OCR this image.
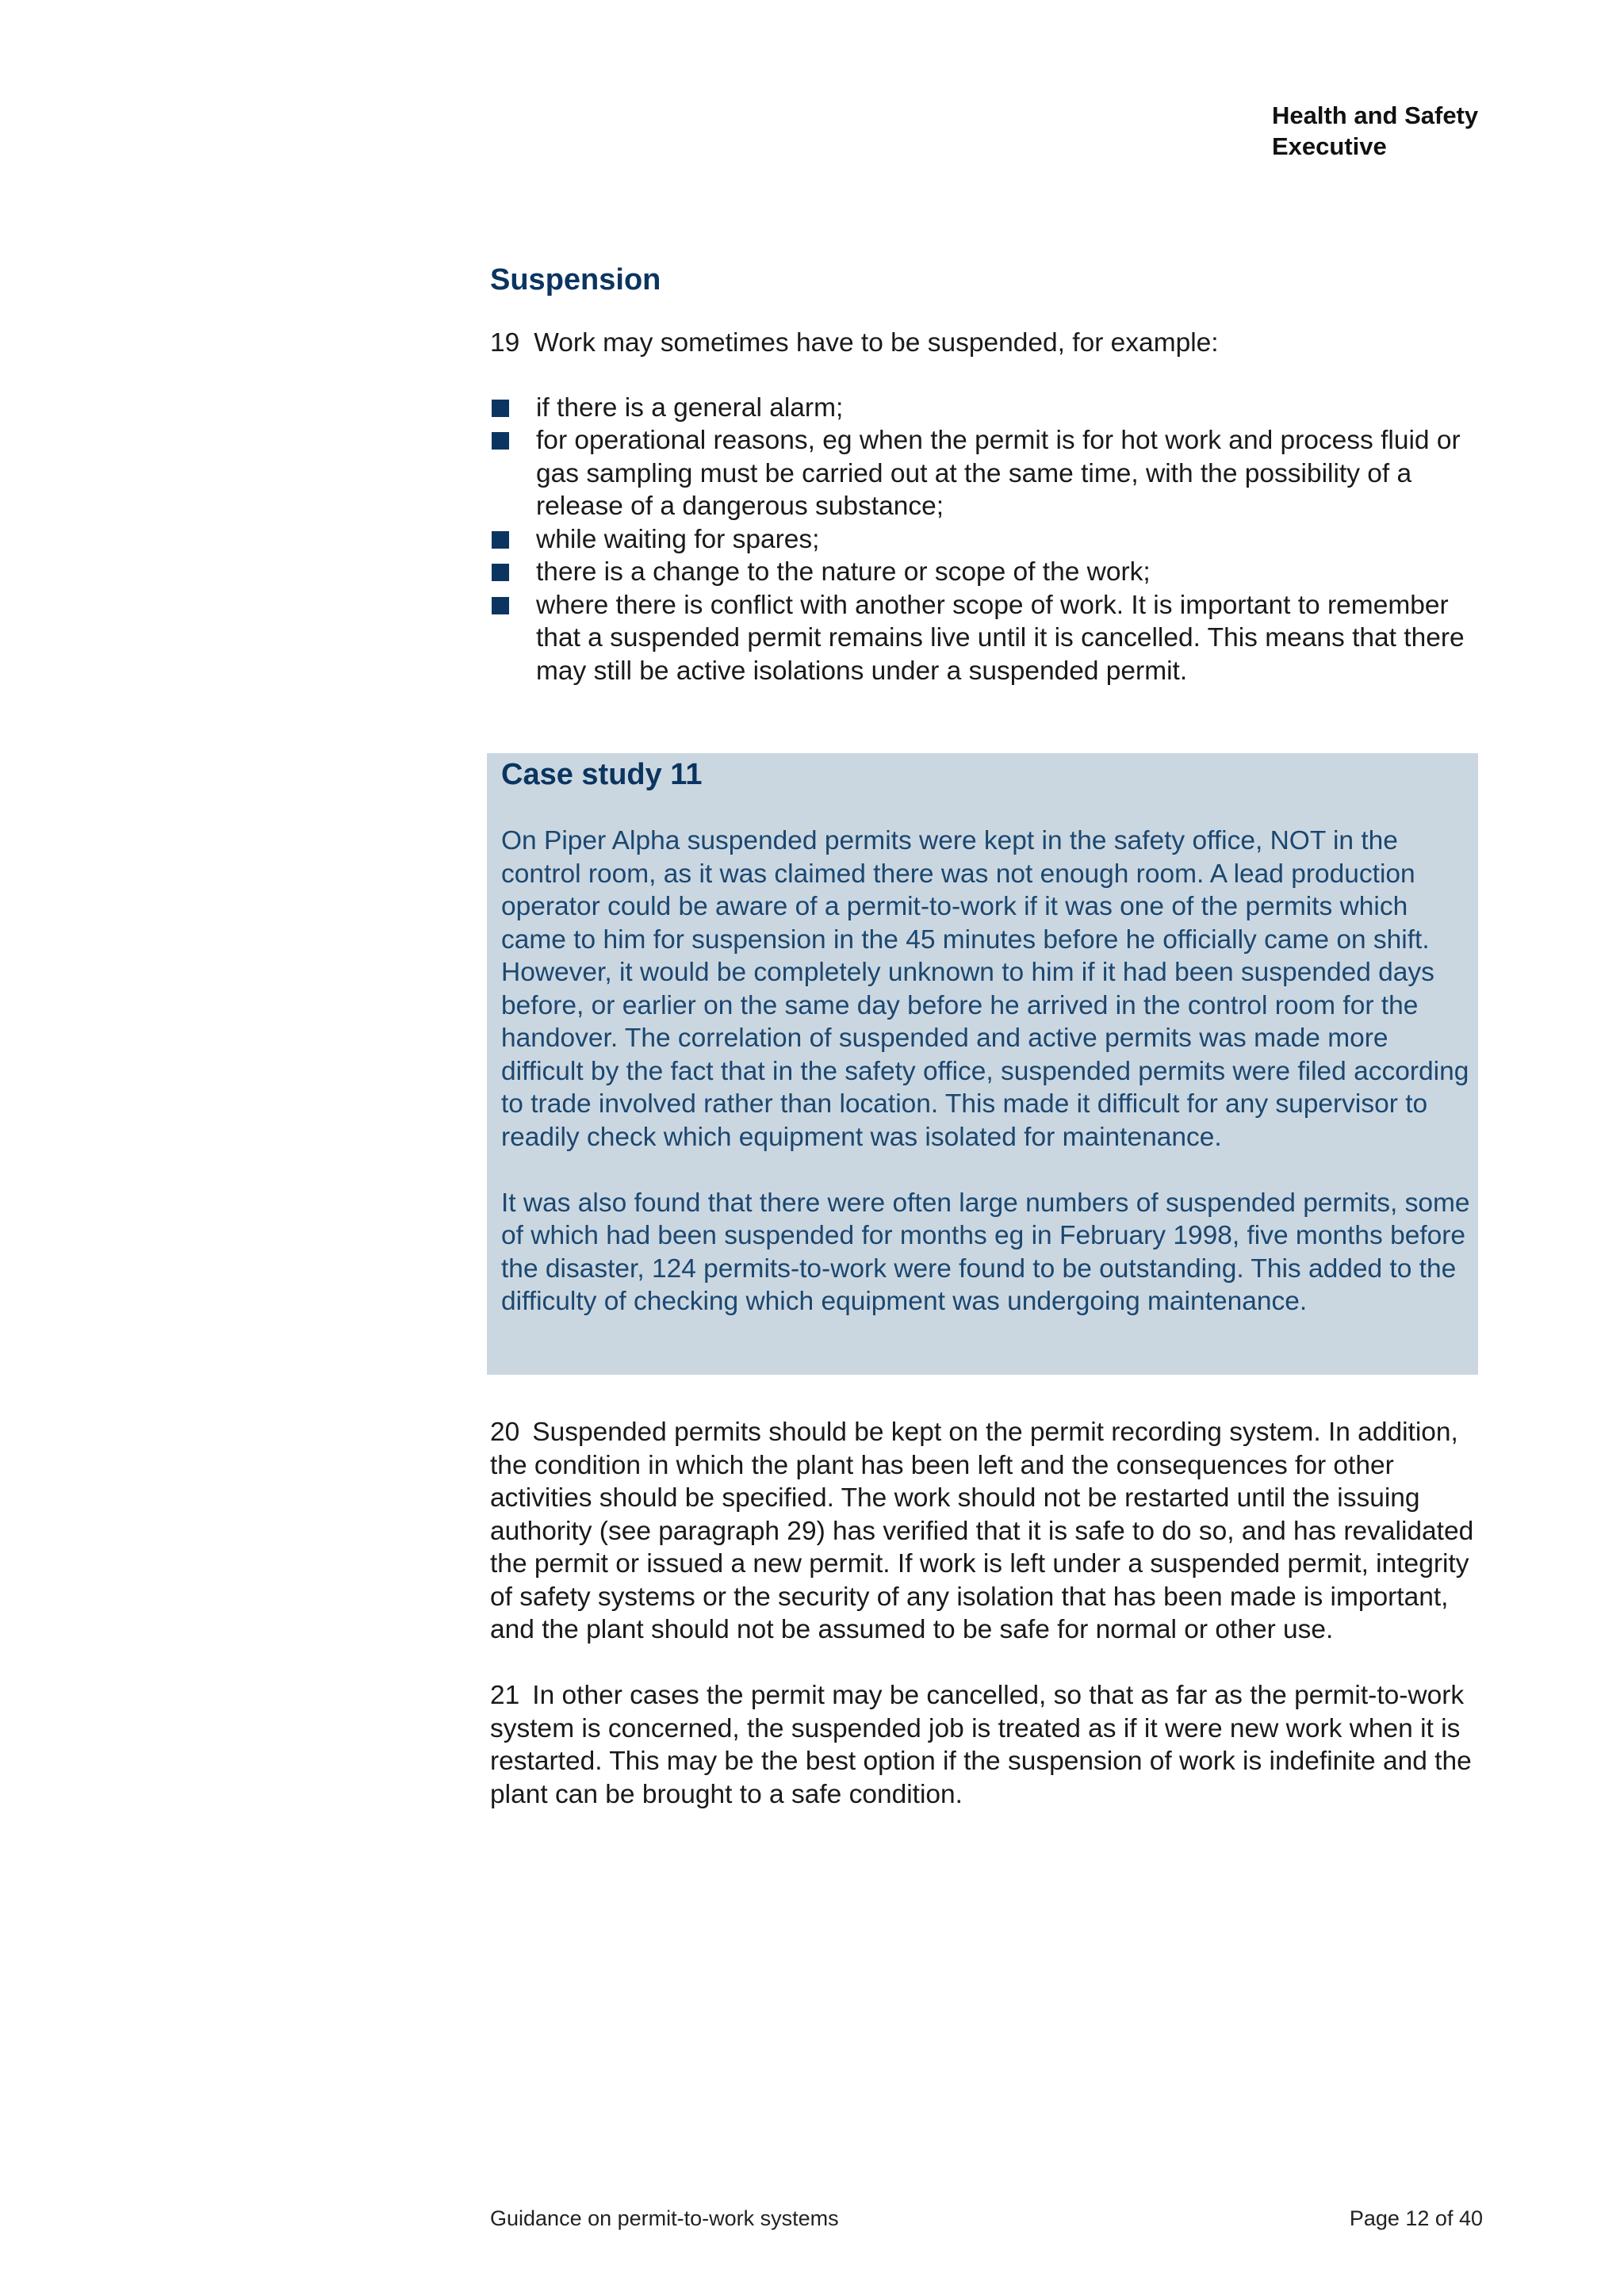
Health and Safety
Executive
Suspension

19 Work may sometimes have to be suspended, for example:

if there is a general alarm;
for operational reasons, eg when the permit is for hot work and process fluid or gas sampling must be carried out at the same time, with the possibility of a release of a dangerous substance;
while waiting for spares;
there is a change to the nature or scope of the work;
where there is conflict with another scope of work. It is important to remember that a suspended permit remains live until it is cancelled. This means that there may still be active isolations under a suspended permit.
Case study 11

On Piper Alpha suspended permits were kept in the safety office, NOT in the control room, as it was claimed there was not enough room. A lead production operator could be aware of a permit-to-work if it was one of the permits which came to him for suspension in the 45 minutes before he officially came on shift. However, it would be completely unknown to him if it had been suspended days before, or earlier on the same day before he arrived in the control room for the handover. The correlation of suspended and active permits was made more difficult by the fact that in the safety office, suspended permits were filed according to trade involved rather than location. This made it difficult for any supervisor to readily check which equipment was isolated for maintenance.

It was also found that there were often large numbers of suspended permits, some of which had been suspended for months eg in February 1998, five months before the disaster, 124 permits-to-work were found to be outstanding. This added to the difficulty of checking which equipment was undergoing maintenance.

20 Suspended permits should be kept on the permit recording system. In addition, the condition in which the plant has been left and the consequences for other activities should be specified. The work should not be restarted until the issuing authority (see paragraph 29) has verified that it is safe to do so, and has revalidated the permit or issued a new permit. If work is left under a suspended permit, integrity of safety systems or the security of any isolation that has been made is important, and the plant should not be assumed to be safe for normal or other use.

21 In other cases the permit may be cancelled, so that as far as the permit-to-work system is concerned, the suspended job is treated as if it were new work when it is restarted. This may be the best option if the suspension of work is indefinite and the plant can be brought to a safe condition.

Guidance on permit-to-work systems	Page 12 of 40
